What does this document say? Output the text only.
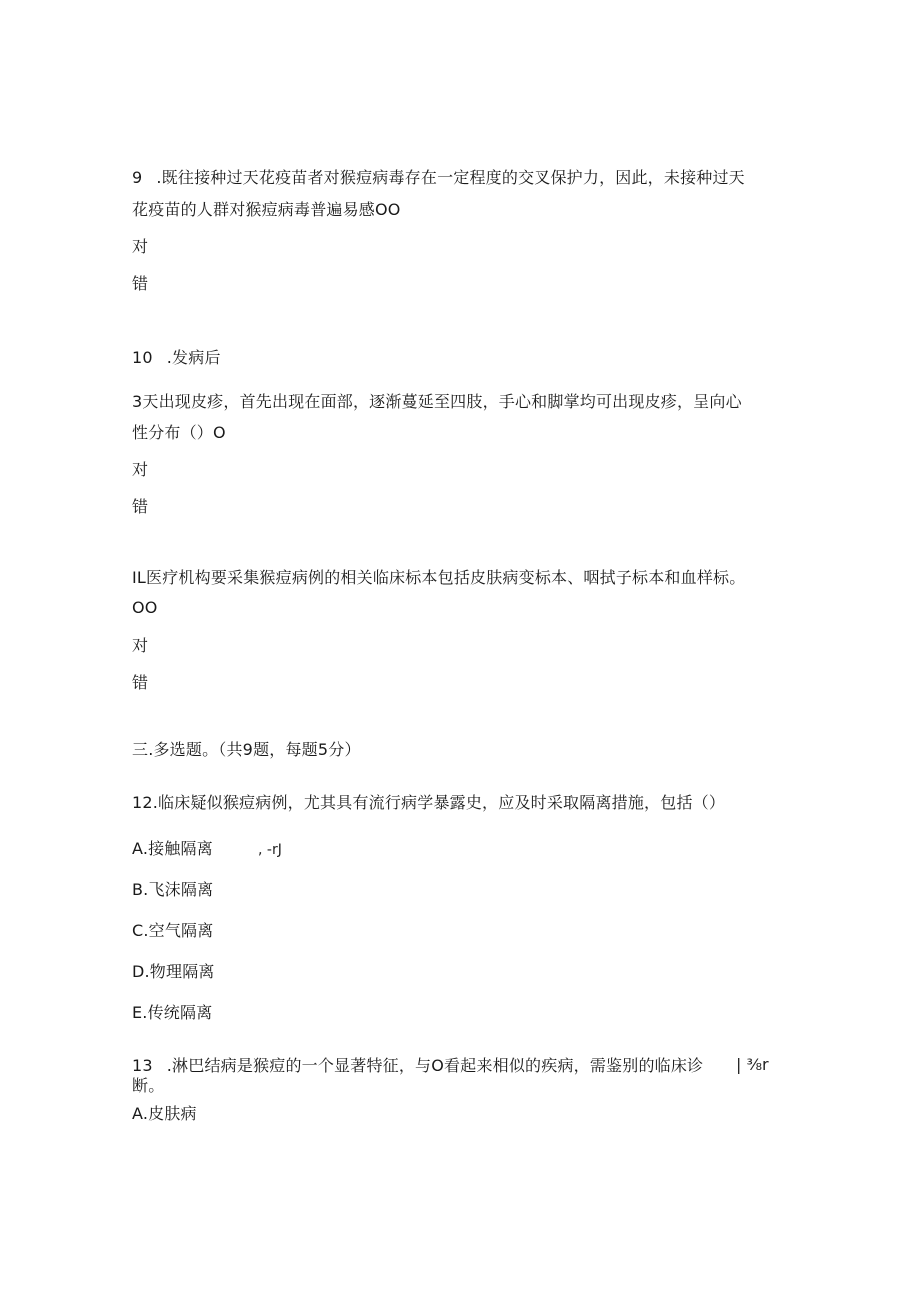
9 .既往接种过天花疫苗者对猴痘病毒存在一定程度的交叉保护力，因此，未接种过天
花疫苗的人群对猴痘病毒普遍易感OO
对
错
10 .发病后
3天出现皮疹，首先出现在面部，逐渐蔓延至四肢，手心和脚掌均可出现皮疹，呈向心
性分布（）O
对
错
IL医疗机构要采集猴痘病例的相关临床标本包括皮肤病变标本、咽拭子标本和血样标。
OO
对
错
三.多选题。（共9题，每题5分）
12.临床疑似猴痘病例，尤其具有流行病学暴露史，应及时采取隔离措施，包括（）
A.接触隔离	, -rJ
B.飞沫隔离
C.空气隔离
D.物理隔离
E.传统隔离
13 .淋巴结病是猴痘的一个显著特征，与O看起来相似的疾病，需鉴别的临床诊 | ⅜r
断。
A.皮肤病
